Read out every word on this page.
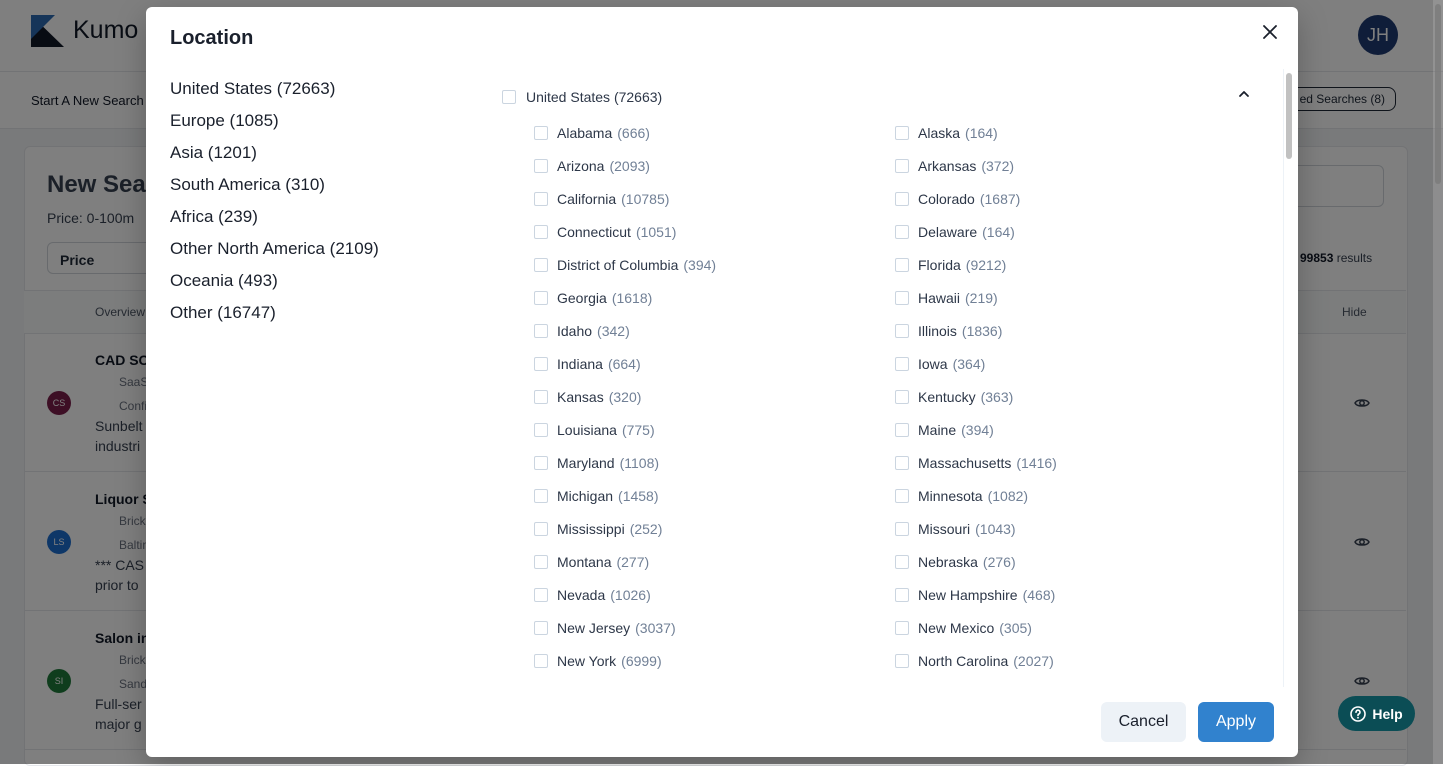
Help
Location
United States (72663)
Europe (1085)
Asia (1201)
South America (310)
Africa (239)
Other North America (2109)
Oceania (493)
Other (16747)
United States (72663)
Alabama (666)	Alaska (164)
Arizona (2093)	Arkansas (372)
California (10785)	Colorado (1687)
Connecticut (1051)	Delaware (164)
District of Columbia (394)	Florida (9212)
Georgia (1618)	Hawaii (219)
Idaho (342)	Illinois (1836)
Indiana (664)	Iowa (364)
Kansas (320)	Kentucky (363)
Louisiana (775)	Maine (394)
Maryland (1108)	Massachusetts (1416)
Michigan (1458)	Minnesota (1082)
Mississippi (252)	Missouri (1043)
Montana (277)	Nebraska (276)
Nevada (1026)	New Hampshire (468)
New Jersey (3037)	New Mexico (305)
New York (6999)	North Carolina (2027)
Cancel	Apply
